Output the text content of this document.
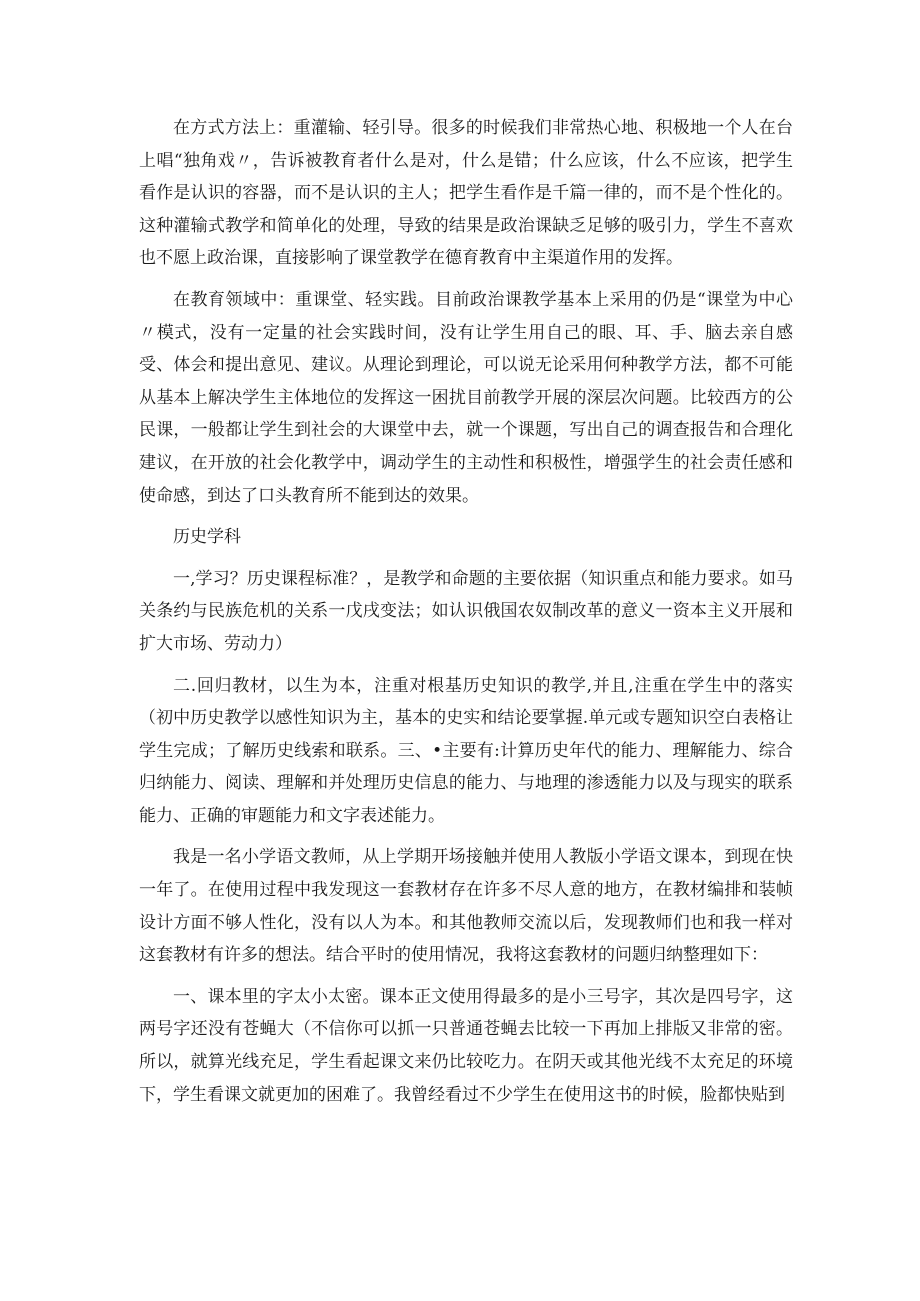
在方式方法上：重灌输、轻引导。很多的时候我们非常热心地、积极地一个人在台上唱“独角戏〃，告诉被教育者什么是对，什么是错；什么应该，什么不应该，把学生看作是认识的容器，而不是认识的主人；把学生看作是千篇一律的，而不是个性化的。这种灌输式教学和简单化的处理，导致的结果是政治课缺乏足够的吸引力，学生不喜欢也不愿上政治课，直接影响了课堂教学在德育教育中主渠道作用的发挥。

在教育领域中：重课堂、轻实践。目前政治课教学基本上采用的仍是“课堂为中心〃模式，没有一定量的社会实践时间，没有让学生用自己的眼、耳、手、脑去亲自感受、体会和提出意见、建议。从理论到理论，可以说无论采用何种教学方法，都不可能从基本上解决学生主体地位的发挥这一困扰目前教学开展的深层次问题。比较西方的公民课，一般都让学生到社会的大课堂中去，就一个课题，写出自己的调查报告和合理化建议，在开放的社会化教学中，调动学生的主动性和积极性，增强学生的社会责任感和使命感，到达了口头教育所不能到达的效果。

历史学科

一,学习？历史课程标准？，是教学和命题的主要依据（知识重点和能力要求。如马关条约与民族危机的关系一戊戌变法；如认识俄国农奴制改革的意义一资本主义开展和扩大市场、劳动力）

二.回归教材，以生为本，注重对根基历史知识的教学,并且,注重在学生中的落实（初中历史教学以感性知识为主，基本的史实和结论要掌握.单元或专题知识空白表格让学生完成；了解历史线索和联系。三、•主要有:计算历史年代的能力、理解能力、综合归纳能力、阅读、理解和并处理历史信息的能力、与地理的渗透能力以及与现实的联系能力、正确的审题能力和文字表述能力。

我是一名小学语文教师，从上学期开场接触并使用人教版小学语文课本，到现在快一年了。在使用过程中我发现这一套教材存在许多不尽人意的地方，在教材编排和装帧设计方面不够人性化，没有以人为本。和其他教师交流以后，发现教师们也和我一样对这套教材有许多的想法。结合平时的使用情况，我将这套教材的问题归纳整理如下：

一、课本里的字太小太密。课本正文使用得最多的是小三号字，其次是四号字，这两号字还没有苍蝇大（不信你可以抓一只普通苍蝇去比较一下再加上排版又非常的密。所以，就算光线充足，学生看起课文来仍比较吃力。在阴天或其他光线不太充足的环境下，学生看课文就更加的困难了。我曾经看过不少学生在使用这书的时候，脸都快贴到
